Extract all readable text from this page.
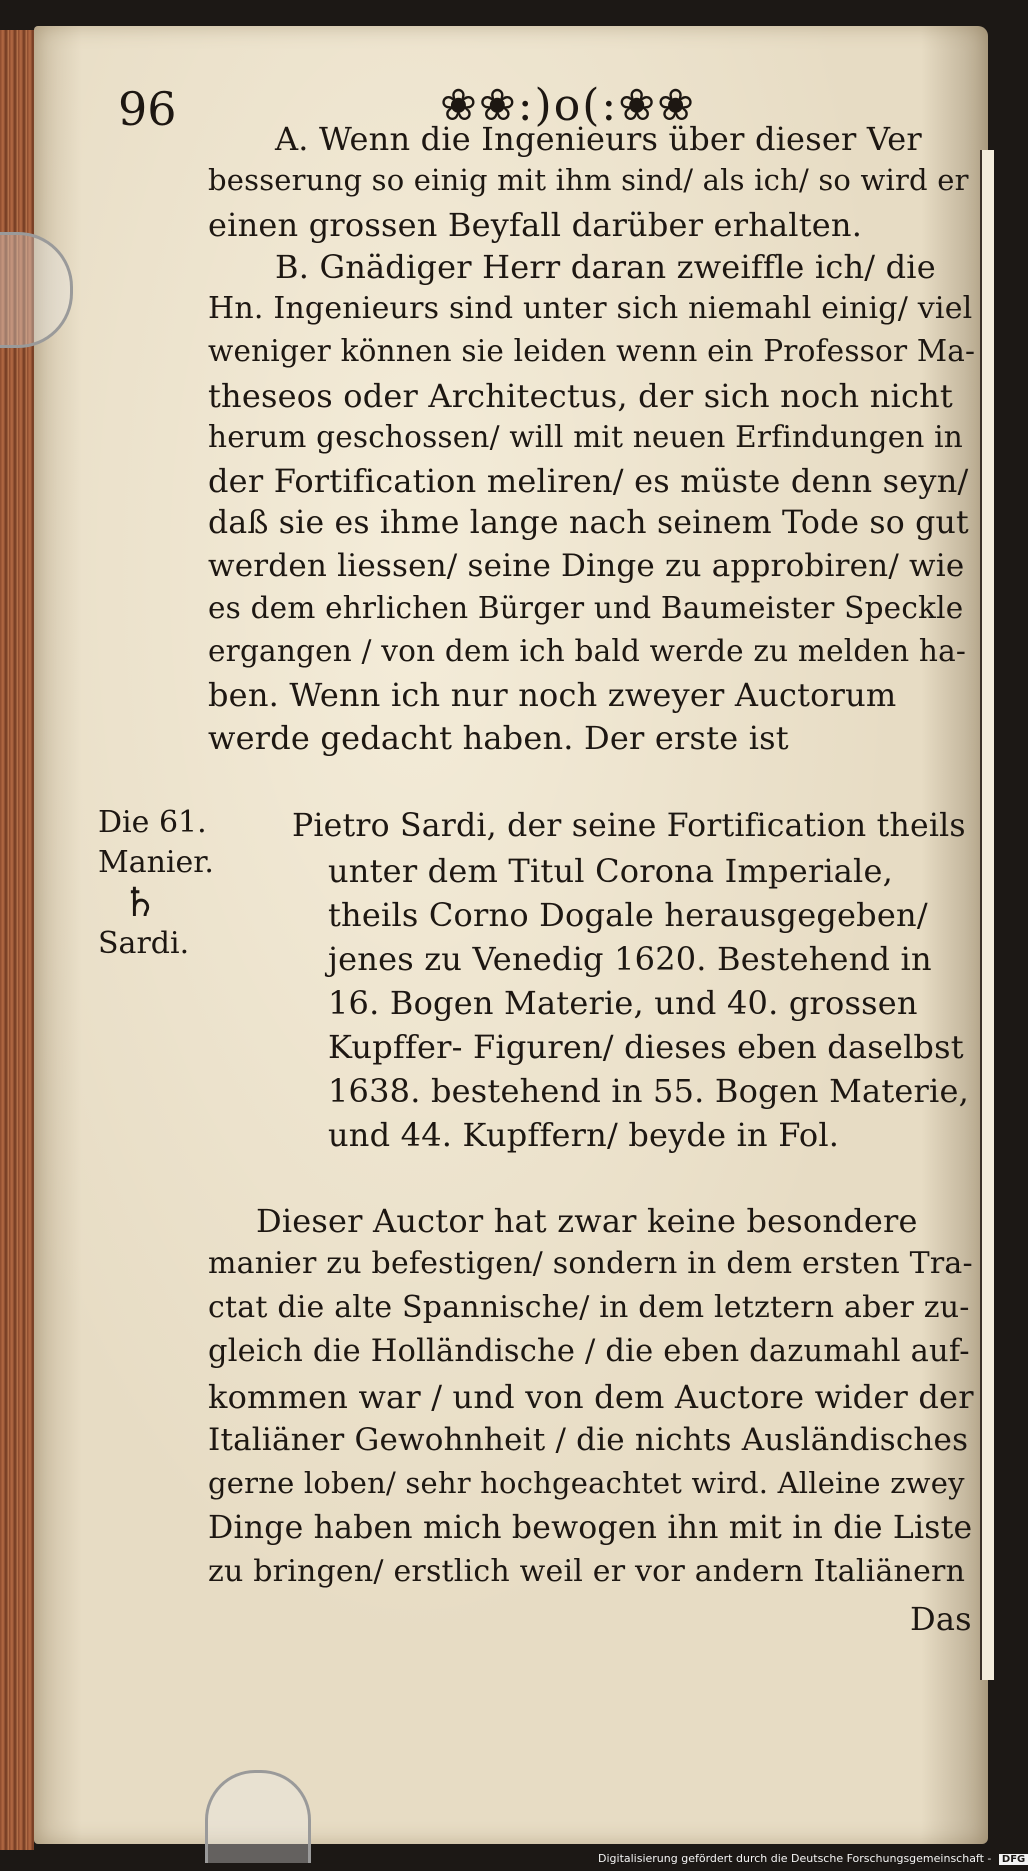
96	❀❀:)o(:❀❀
A. Wenn die Ingenieurs über dieser Ver
besserung so einig mit ihm sind/ als ich/ so wird er
einen grossen Beyfall darüber erhalten.
B. Gnädiger Herr daran zweiffle ich/ die
Hn. Ingenieurs sind unter sich niemahl einig/ viel
weniger können sie leiden wenn ein Professor Ma-
theseos oder Architectus, der sich noch nicht
herum geschossen/ will mit neuen Erfindungen in
der Fortification meliren/ es müste denn seyn/
daß sie es ihme lange nach seinem Tode so gut
werden liessen/ seine Dinge zu approbiren/ wie
es dem ehrlichen Bürger und Baumeister Speckle
ergangen / von dem ich bald werde zu melden ha-
ben. Wenn ich nur noch zweyer Auctorum
werde gedacht haben. Der erste ist
Die 61.
Manier.
♄
Sardi.
Pietro Sardi, der seine Fortification theils
unter dem Titul Corona Imperiale,
theils Corno Dogale herausgegeben/
jenes zu Venedig 1620. Bestehend in
16. Bogen Materie, und 40. grossen
Kupffer- Figuren/ dieses eben daselbst
1638. bestehend in 55. Bogen Materie,
und 44. Kupffern/ beyde in Fol.
Dieser Auctor hat zwar keine besondere
manier zu befestigen/ sondern in dem ersten Tra-
ctat die alte Spannische/ in dem letztern aber zu-
gleich die Holländische / die eben dazumahl auf-
kommen war / und von dem Auctore wider der
Italiäner Gewohnheit / die nichts Ausländisches
gerne loben/ sehr hochgeachtet wird. Alleine zwey
Dinge haben mich bewogen ihn mit in die Liste
zu bringen/ erstlich weil er vor andern Italiänern
Das
Digitalisierung gefördert durch die Deutsche Forschungsgemeinschaft - DFG
